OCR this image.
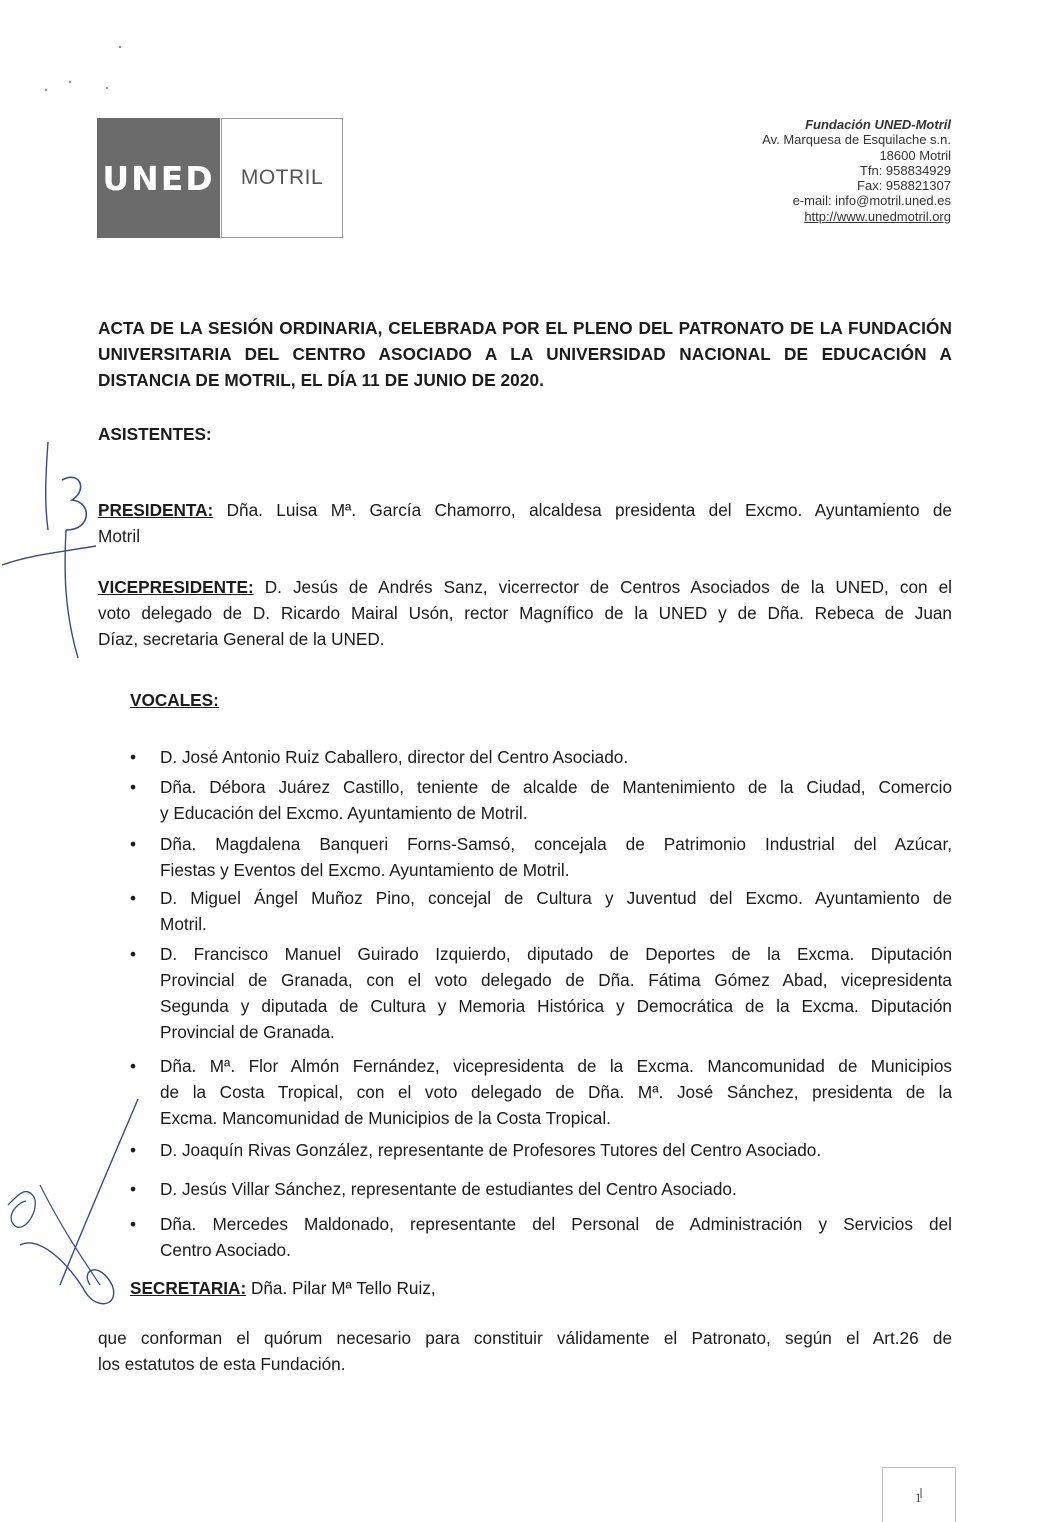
UNED MOTRIL
Fundación UNED-Motril
Av. Marquesa de Esquilache s.n.
18600 Motril
Tfn: 958834929
Fax: 958821307
e-mail: info@motril.uned.es
http://www.unedmotril.org

ACTA DE LA SESIÓN ORDINARIA, CELEBRADA POR EL PLENO DEL PATRONATO DE LA FUNDACIÓN

UNIVERSITARIA DEL CENTRO ASOCIADO A LA UNIVERSIDAD NACIONAL DE EDUCACIÓN A

DISTANCIA DE MOTRIL, EL DÍA 11 DE JUNIO DE 2020.

ASISTENTES:

PRESIDENTA: Dña. Luisa Mª. García Chamorro, alcaldesa presidenta del Excmo. Ayuntamiento de

Motril

VICEPRESIDENTE: D. Jesús de Andrés Sanz, vicerrector de Centros Asociados de la UNED, con el

voto delegado de D. Ricardo Mairal Usón, rector Magnífico de la UNED y de Dña. Rebeca de Juan

Díaz, secretaria General de la UNED.

VOCALES:
• D. José Antonio Ruiz Caballero, director del Centro Asociado.
• Dña. Débora Juárez Castillo, teniente de alcalde de Mantenimiento de la Ciudad, Comercio
y Educación del Excmo. Ayuntamiento de Motril.
• Dña. Magdalena Banqueri Forns-Samsó, concejala de Patrimonio Industrial del Azúcar,
Fiestas y Eventos del Excmo. Ayuntamiento de Motril.
• D. Miguel Ángel Muñoz Pino, concejal de Cultura y Juventud del Excmo. Ayuntamiento de
Motril.
• D. Francisco Manuel Guirado Izquierdo, diputado de Deportes de la Excma. Diputación
Provincial de Granada, con el voto delegado de Dña. Fátima Gómez Abad, vicepresidenta
Segunda y diputada de Cultura y Memoria Histórica y Democrática de la Excma. Diputación
Provincial de Granada.
• Dña. Mª. Flor Almón Fernández, vicepresidenta de la Excma. Mancomunidad de Municipios
de la Costa Tropical, con el voto delegado de Dña. Mª. José Sánchez, presidenta de la
Excma. Mancomunidad de Municipios de la Costa Tropical.
• D. Joaquín Rivas González, representante de Profesores Tutores del Centro Asociado.
• D. Jesús Villar Sánchez, representante de estudiantes del Centro Asociado.
• Dña. Mercedes Maldonado, representante del Personal de Administración y Servicios del
Centro Asociado.
SECRETARIA: Dña. Pilar Mª Tello Ruiz,

que conforman el quórum necesario para constituir válidamente el Patronato, según el Art.26 de

los estatutos de esta Fundación.

1
